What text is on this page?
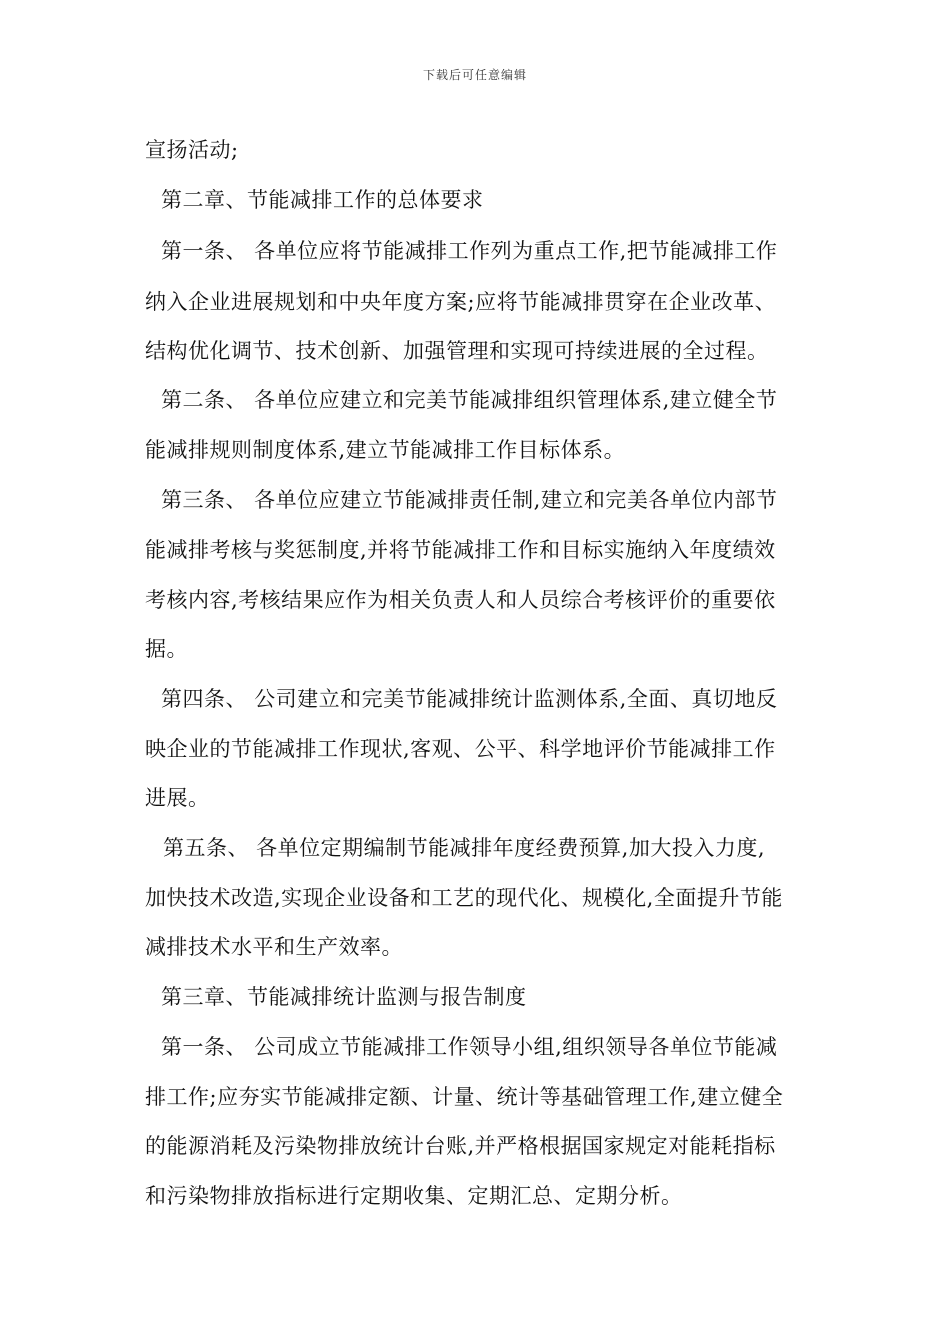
下载后可任意编辑
宣扬活动;
第二章、节能减排工作的总体要求
第一条、 各单位应将节能减排工作列为重点工作,把节能减排工作
纳入企业进展规划和中央年度方案;应将节能减排贯穿在企业改革、
结构优化调节、技术创新、加强管理和实现可持续进展的全过程。
第二条、 各单位应建立和完美节能减排组织管理体系,建立健全节
能减排规则制度体系,建立节能减排工作目标体系。
第三条、 各单位应建立节能减排责任制,建立和完美各单位内部节
能减排考核与奖惩制度,并将节能减排工作和目标实施纳入年度绩效
考核内容,考核结果应作为相关负责人和人员综合考核评价的重要依
据。
第四条、 公司建立和完美节能减排统计监测体系,全面、真切地反
映企业的节能减排工作现状,客观、公平、科学地评价节能减排工作
进展。
第五条、 各单位定期编制节能减排年度经费预算,加大投入力度,
加快技术改造,实现企业设备和工艺的现代化、规模化,全面提升节能
减排技术水平和生产效率。
第三章、节能减排统计监测与报告制度
第一条、 公司成立节能减排工作领导小组,组织领导各单位节能减
排工作;应夯实节能减排定额、计量、统计等基础管理工作,建立健全
的能源消耗及污染物排放统计台账,并严格根据国家规定对能耗指标
和污染物排放指标进行定期收集、定期汇总、定期分析。
